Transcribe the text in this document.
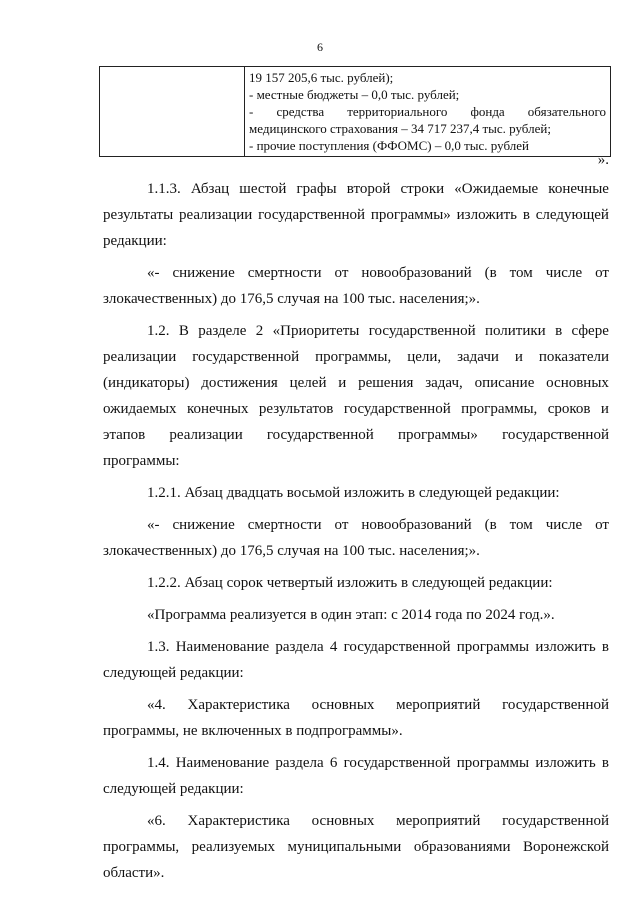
6

19 157 205,6 тыс. рублей);
- местные бюджеты – 0,0 тыс. рублей;
- средства территориального фонда обязательного
медицинского страхования – 34 717 237,4 тыс. рублей;
- прочие поступления (ФФОМС) – 0,0 тыс. рублей
».
1.1.3. Абзац шестой графы второй строки «Ожидаемые конечные
результаты реализации государственной программы» изложить в следующей
редакции:
«- снижение смертности от новообразований (в том числе от
злокачественных) до 176,5 случая на 100 тыс. населения;».
1.2. В разделе 2 «Приоритеты государственной политики в сфере
реализации государственной программы, цели, задачи и показатели
(индикаторы) достижения целей и решения задач, описание основных
ожидаемых конечных результатов государственной программы, сроков и
этапов реализации государственной программы» государственной
программы:
1.2.1. Абзац двадцать восьмой изложить в следующей редакции:
«- снижение смертности от новообразований (в том числе от
злокачественных) до 176,5 случая на 100 тыс. населения;».
1.2.2. Абзац сорок четвертый изложить в следующей редакции:
«Программа реализуется в один этап: с 2014 года по 2024 год.».
1.3. Наименование раздела 4 государственной программы изложить в
следующей редакции:
«4. Характеристика основных мероприятий государственной
программы, не включенных в подпрограммы».
1.4. Наименование раздела 6 государственной программы изложить в
следующей редакции:
«6. Характеристика основных мероприятий государственной
программы, реализуемых муниципальными образованиями Воронежской
области».
